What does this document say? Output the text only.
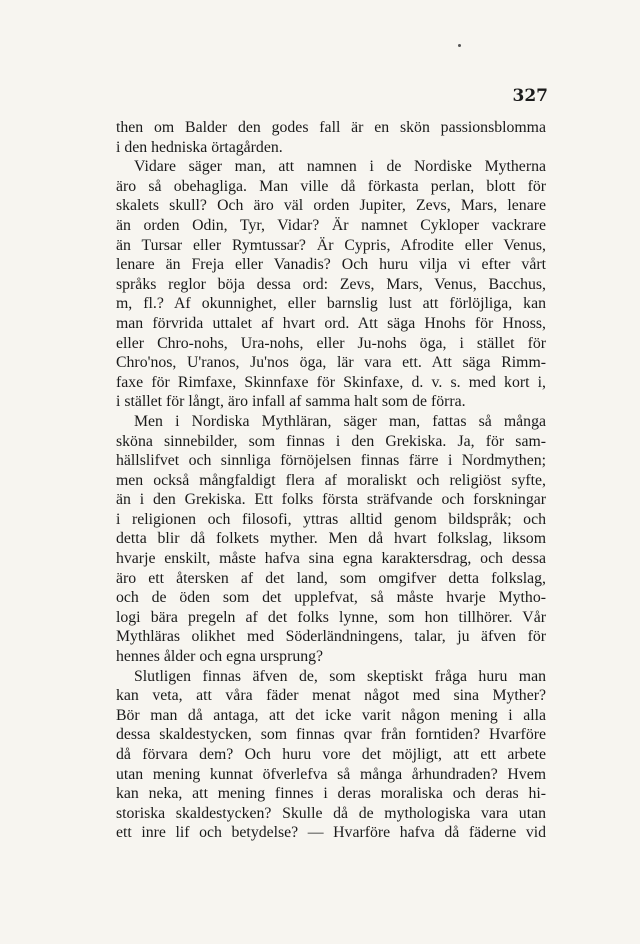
327
then om Balder den godes fall är en skön passionsblomma
i den hedniska örtagården.
Vidare säger man, att namnen i de Nordiske Mytherna
äro så obehagliga. Man ville då förkasta perlan, blott för
skalets skull? Och äro väl orden Jupiter, Zevs, Mars, lenare
än orden Odin, Tyr, Vidar? Är namnet Cykloper vackrare
än Tursar eller Rymtussar? Är Cypris, Afrodite eller Venus,
lenare än Freja eller Vanadis? Och huru vilja vi efter vårt
språks reglor böja dessa ord: Zevs, Mars, Venus, Bacchus,
m, fl.? Af okunnighet, eller barnslig lust att förlöjliga, kan
man förvrida uttalet af hvart ord. Att säga Hnohs för Hnoss,
eller Chro-nohs, Ura-nohs, eller Ju-nohs öga, i stället för
Chro'nos, U'ranos, Ju'nos öga, lär vara ett. Att säga Rimm-
faxe för Rimfaxe, Skinnfaxe för Skinfaxe, d. v. s. med kort i,
i stället för långt, äro infall af samma halt som de förra.
Men i Nordiska Mythläran, säger man, fattas så många
sköna sinnebilder, som finnas i den Grekiska. Ja, för sam-
hällslifvet och sinnliga förnöjelsen finnas färre i Nordmythen;
men också mångfaldigt flera af moraliskt och religiöst syfte,
än i den Grekiska. Ett folks första sträfvande och forskningar
i religionen och filosofi, yttras alltid genom bildspråk; och
detta blir då folkets myther. Men då hvart folkslag, liksom
hvarje enskilt, måste hafva sina egna karaktersdrag, och dessa
äro ett återsken af det land, som omgifver detta folkslag,
och de öden som det upplefvat, så måste hvarje Mytho-
logi bära pregeln af det folks lynne, som hon tillhörer. Vår
Mythläras olikhet med Söderländningens, talar, ju äfven för
hennes ålder och egna ursprung?
Slutligen finnas äfven de, som skeptiskt fråga huru man
kan veta, att våra fäder menat något med sina Myther?
Bör man då antaga, att det icke varit någon mening i alla
dessa skaldestycken, som finnas qvar från forntiden? Hvarföre
då förvara dem? Och huru vore det möjligt, att ett arbete
utan mening kunnat öfverlefva så många århundraden? Hvem
kan neka, att mening finnes i deras moraliska och deras hi-
storiska skaldestycken? Skulle då de mythologiska vara utan
ett inre lif och betydelse? — Hvarföre hafva då fäderne vid
